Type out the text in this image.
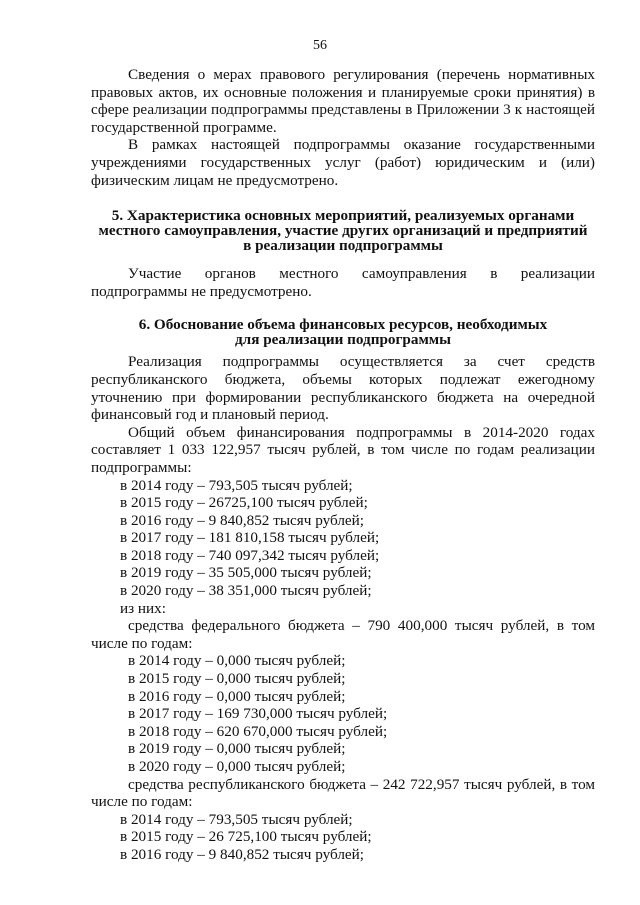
56

Сведения о мерах правового регулирования (перечень нормативных правовых актов, их основные положения и планируемые сроки принятия) в сфере реализации подпрограммы представлены в Приложении 3 к настоящей государственной программе.

В рамках настоящей подпрограммы оказание государственными учреждениями государственных услуг (работ) юридическим и (или) физическим лицам не предусмотрено.

5. Характеристика основных мероприятий, реализуемых органами

местного самоуправления, участие других организаций и предприятий

в реализации подпрограммы

Участие органов местного самоуправления в реализации подпрограммы не предусмотрено.

6. Обоснование объема финансовых ресурсов, необходимых

для реализации подпрограммы

Реализация подпрограммы осуществляется за счет средств республиканского бюджета, объемы которых подлежат ежегодному уточнению при формировании республиканского бюджета на очередной финансовый год и плановый период.

Общий объем финансирования подпрограммы в 2014-2020 годах составляет 1 033 122,957 тысяч рублей, в том числе по годам реализации подпрограммы:

в 2014 году – 793,505 тысяч рублей;
в 2015 году – 26725,100 тысяч рублей;
в 2016 году – 9 840,852 тысяч рублей;
в 2017 году – 181 810,158 тысяч рублей;
в 2018 году – 740 097,342 тысяч рублей;
в 2019 году – 35 505,000 тысяч рублей;
в 2020 году – 38 351,000 тысяч рублей;
из них:

средства федерального бюджета – 790 400,000 тысяч рублей, в том числе по годам:

в 2014 году – 0,000 тысяч рублей;
в 2015 году – 0,000 тысяч рублей;
в 2016 году – 0,000 тысяч рублей;
в 2017 году – 169 730,000 тысяч рублей;
в 2018 году – 620 670,000 тысяч рублей;
в 2019 году – 0,000 тысяч рублей;
в 2020 году – 0,000 тысяч рублей;

средства республиканского бюджета – 242 722,957 тысяч рублей, в том числе по годам:

в 2014 году – 793,505 тысяч рублей;
в 2015 году – 26 725,100 тысяч рублей;
в 2016 году – 9 840,852 тысяч рублей;
